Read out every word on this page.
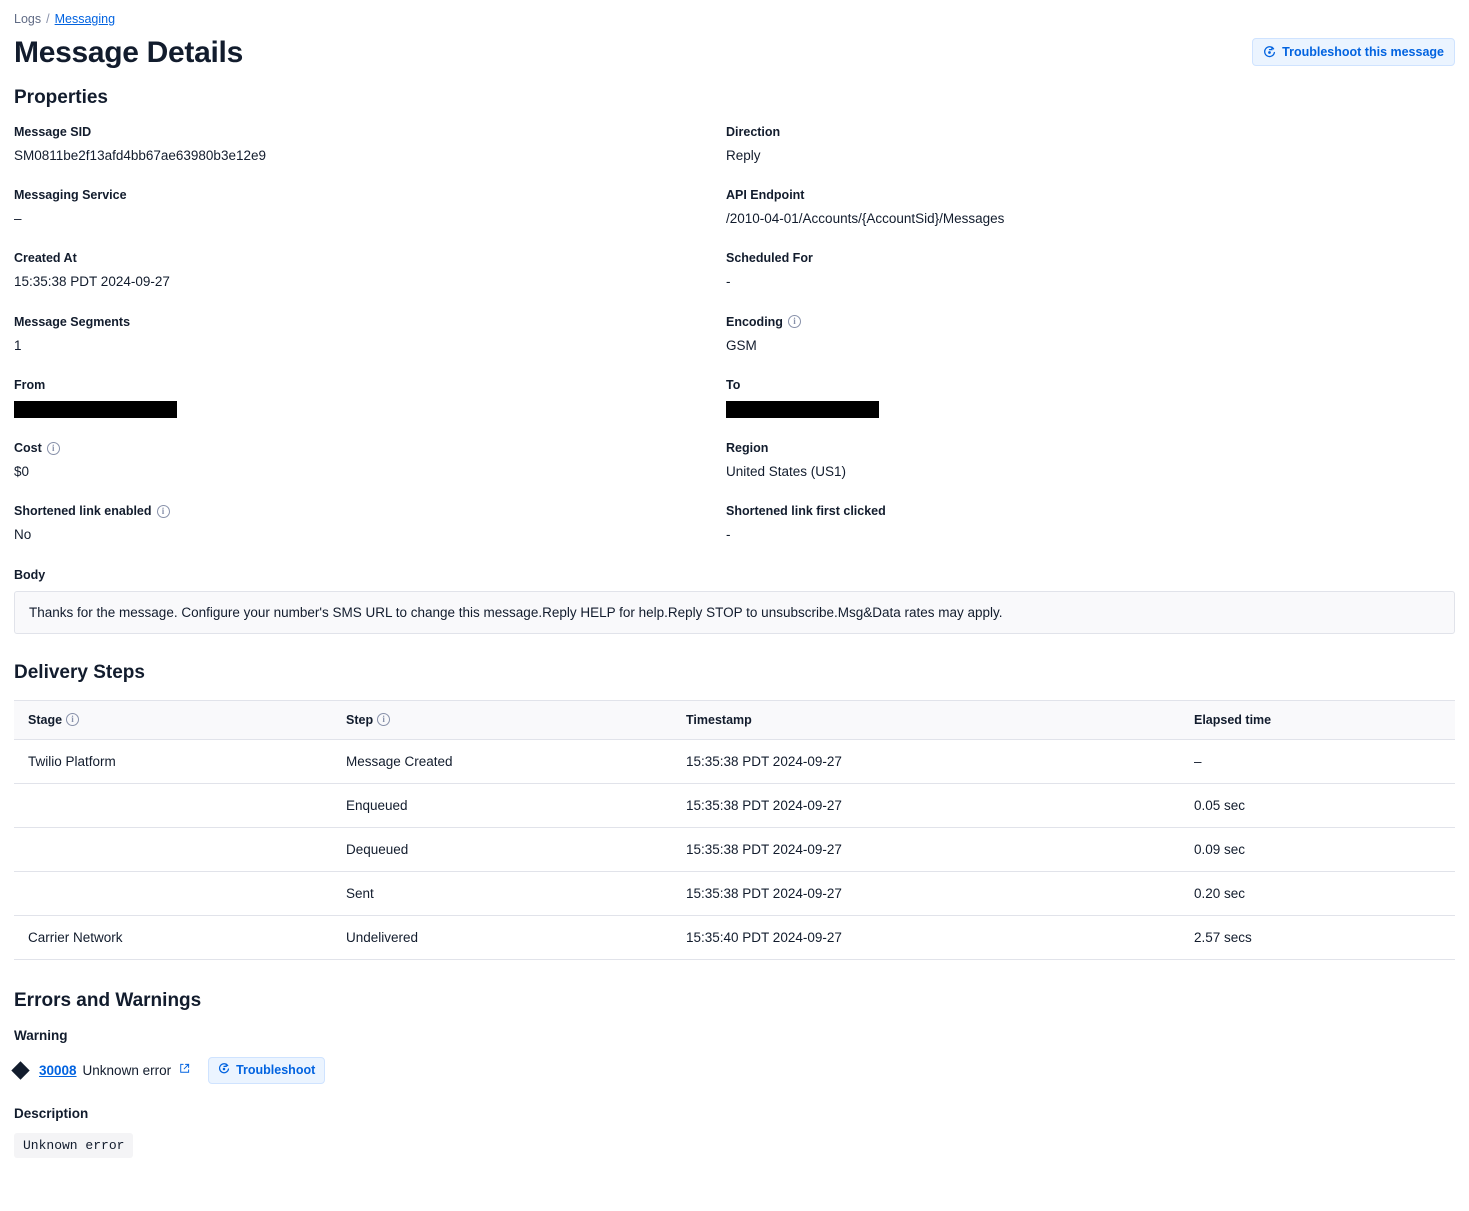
Logs / Messaging
Message Details	Troubleshoot this message
Properties
Message SID
SM0811be2f13afd4bb67ae63980b3e12e9
Direction
Reply
Messaging Service
–
API Endpoint
/2010-04-01/Accounts/{AccountSid}/Messages
Created At
15:35:38 PDT 2024-09-27
Scheduled For
-
Message Segments
1
Encoding	i
GSM
From	To
Cost	i
$0
Region
United States (US1)
Shortened link enabled	i
No
Shortened link first clicked
-
Body
Thanks for the message. Configure your number's SMS URL to change this message.Reply HELP for help.Reply STOP to unsubscribe.Msg&Data rates may apply.
Delivery Steps
Stage i	Step i	Timestamp	Elapsed time

Twilio Platform	Message Created	15:35:38 PDT 2024-09-27	–
	Enqueued	15:35:38 PDT 2024-09-27	0.05 sec
	Dequeued	15:35:38 PDT 2024-09-27	0.09 sec
	Sent	15:35:38 PDT 2024-09-27	0.20 sec
Carrier Network	Undelivered	15:35:40 PDT 2024-09-27	2.57 secs
Errors and Warnings
Warning
30008 Unknown error	Troubleshoot
Description
Unknown error
